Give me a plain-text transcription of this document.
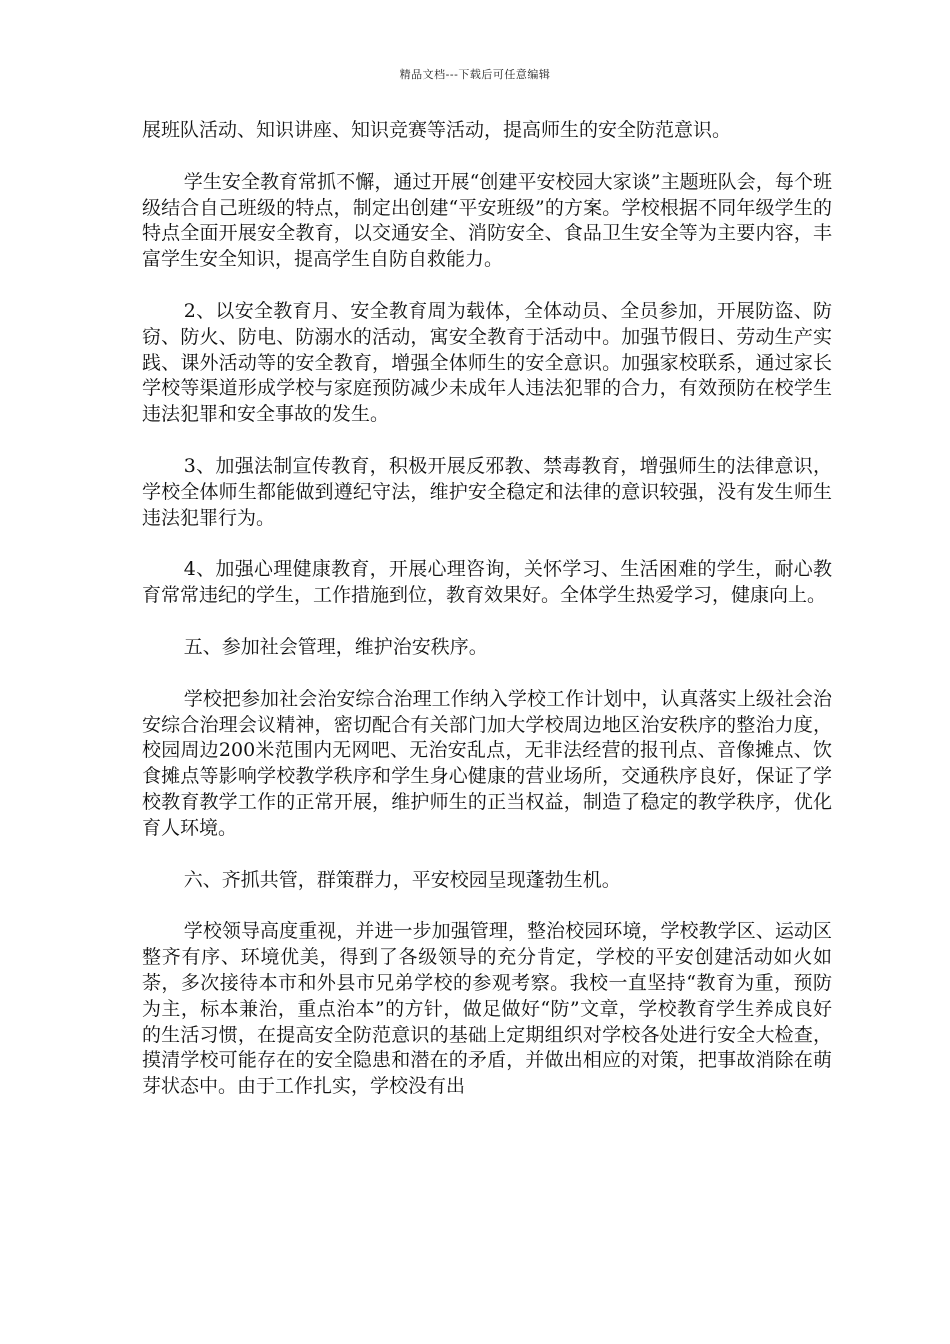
精品文档---下载后可任意编辑

展班队活动、知识讲座、知识竞赛等活动，提高师生的安全防范意识。

学生安全教育常抓不懈，通过开展“创建平安校园大家谈”主题班队会，每个班级结合自己班级的特点，制定出创建“平安班级”的方案。学校根据不同年级学生的特点全面开展安全教育，以交通安全、消防安全、食品卫生安全等为主要内容，丰富学生安全知识，提高学生自防自救能力。

2、以安全教育月、安全教育周为载体，全体动员、全员参加，开展防盗、防窃、防火、防电、防溺水的活动，寓安全教育于活动中。加强节假日、劳动生产实践、课外活动等的安全教育，增强全体师生的安全意识。加强家校联系，通过家长学校等渠道形成学校与家庭预防减少未成年人违法犯罪的合力，有效预防在校学生违法犯罪和安全事故的发生。

3、加强法制宣传教育，积极开展反邪教、禁毒教育，增强师生的法律意识，学校全体师生都能做到遵纪守法，维护安全稳定和法律的意识较强，没有发生师生违法犯罪行为。

4、加强心理健康教育，开展心理咨询，关怀学习、生活困难的学生，耐心教育常常违纪的学生，工作措施到位，教育效果好。全体学生热爱学习，健康向上。

五、参加社会管理，维护治安秩序。

学校把参加社会治安综合治理工作纳入学校工作计划中，认真落实上级社会治安综合治理会议精神，密切配合有关部门加大学校周边地区治安秩序的整治力度，校园周边200米范围内无网吧、无治安乱点，无非法经营的报刊点、音像摊点、饮食摊点等影响学校教学秩序和学生身心健康的营业场所，交通秩序良好，保证了学校教育教学工作的正常开展，维护师生的正当权益，制造了稳定的教学秩序，优化育人环境。

六、齐抓共管，群策群力，平安校园呈现蓬勃生机。

学校领导高度重视，并进一步加强管理，整治校园环境，学校教学区、运动区整齐有序、环境优美，得到了各级领导的充分肯定，学校的平安创建活动如火如荼，多次接待本市和外县市兄弟学校的参观考察。我校一直坚持“教育为重，预防为主，标本兼治，重点治本”的方针，做足做好“防”文章，学校教育学生养成良好的生活习惯，在提高安全防范意识的基础上定期组织对学校各处进行安全大检查，摸清学校可能存在的安全隐患和潜在的矛盾，并做出相应的对策，把事故消除在萌芽状态中。由于工作扎实，学校没有出
